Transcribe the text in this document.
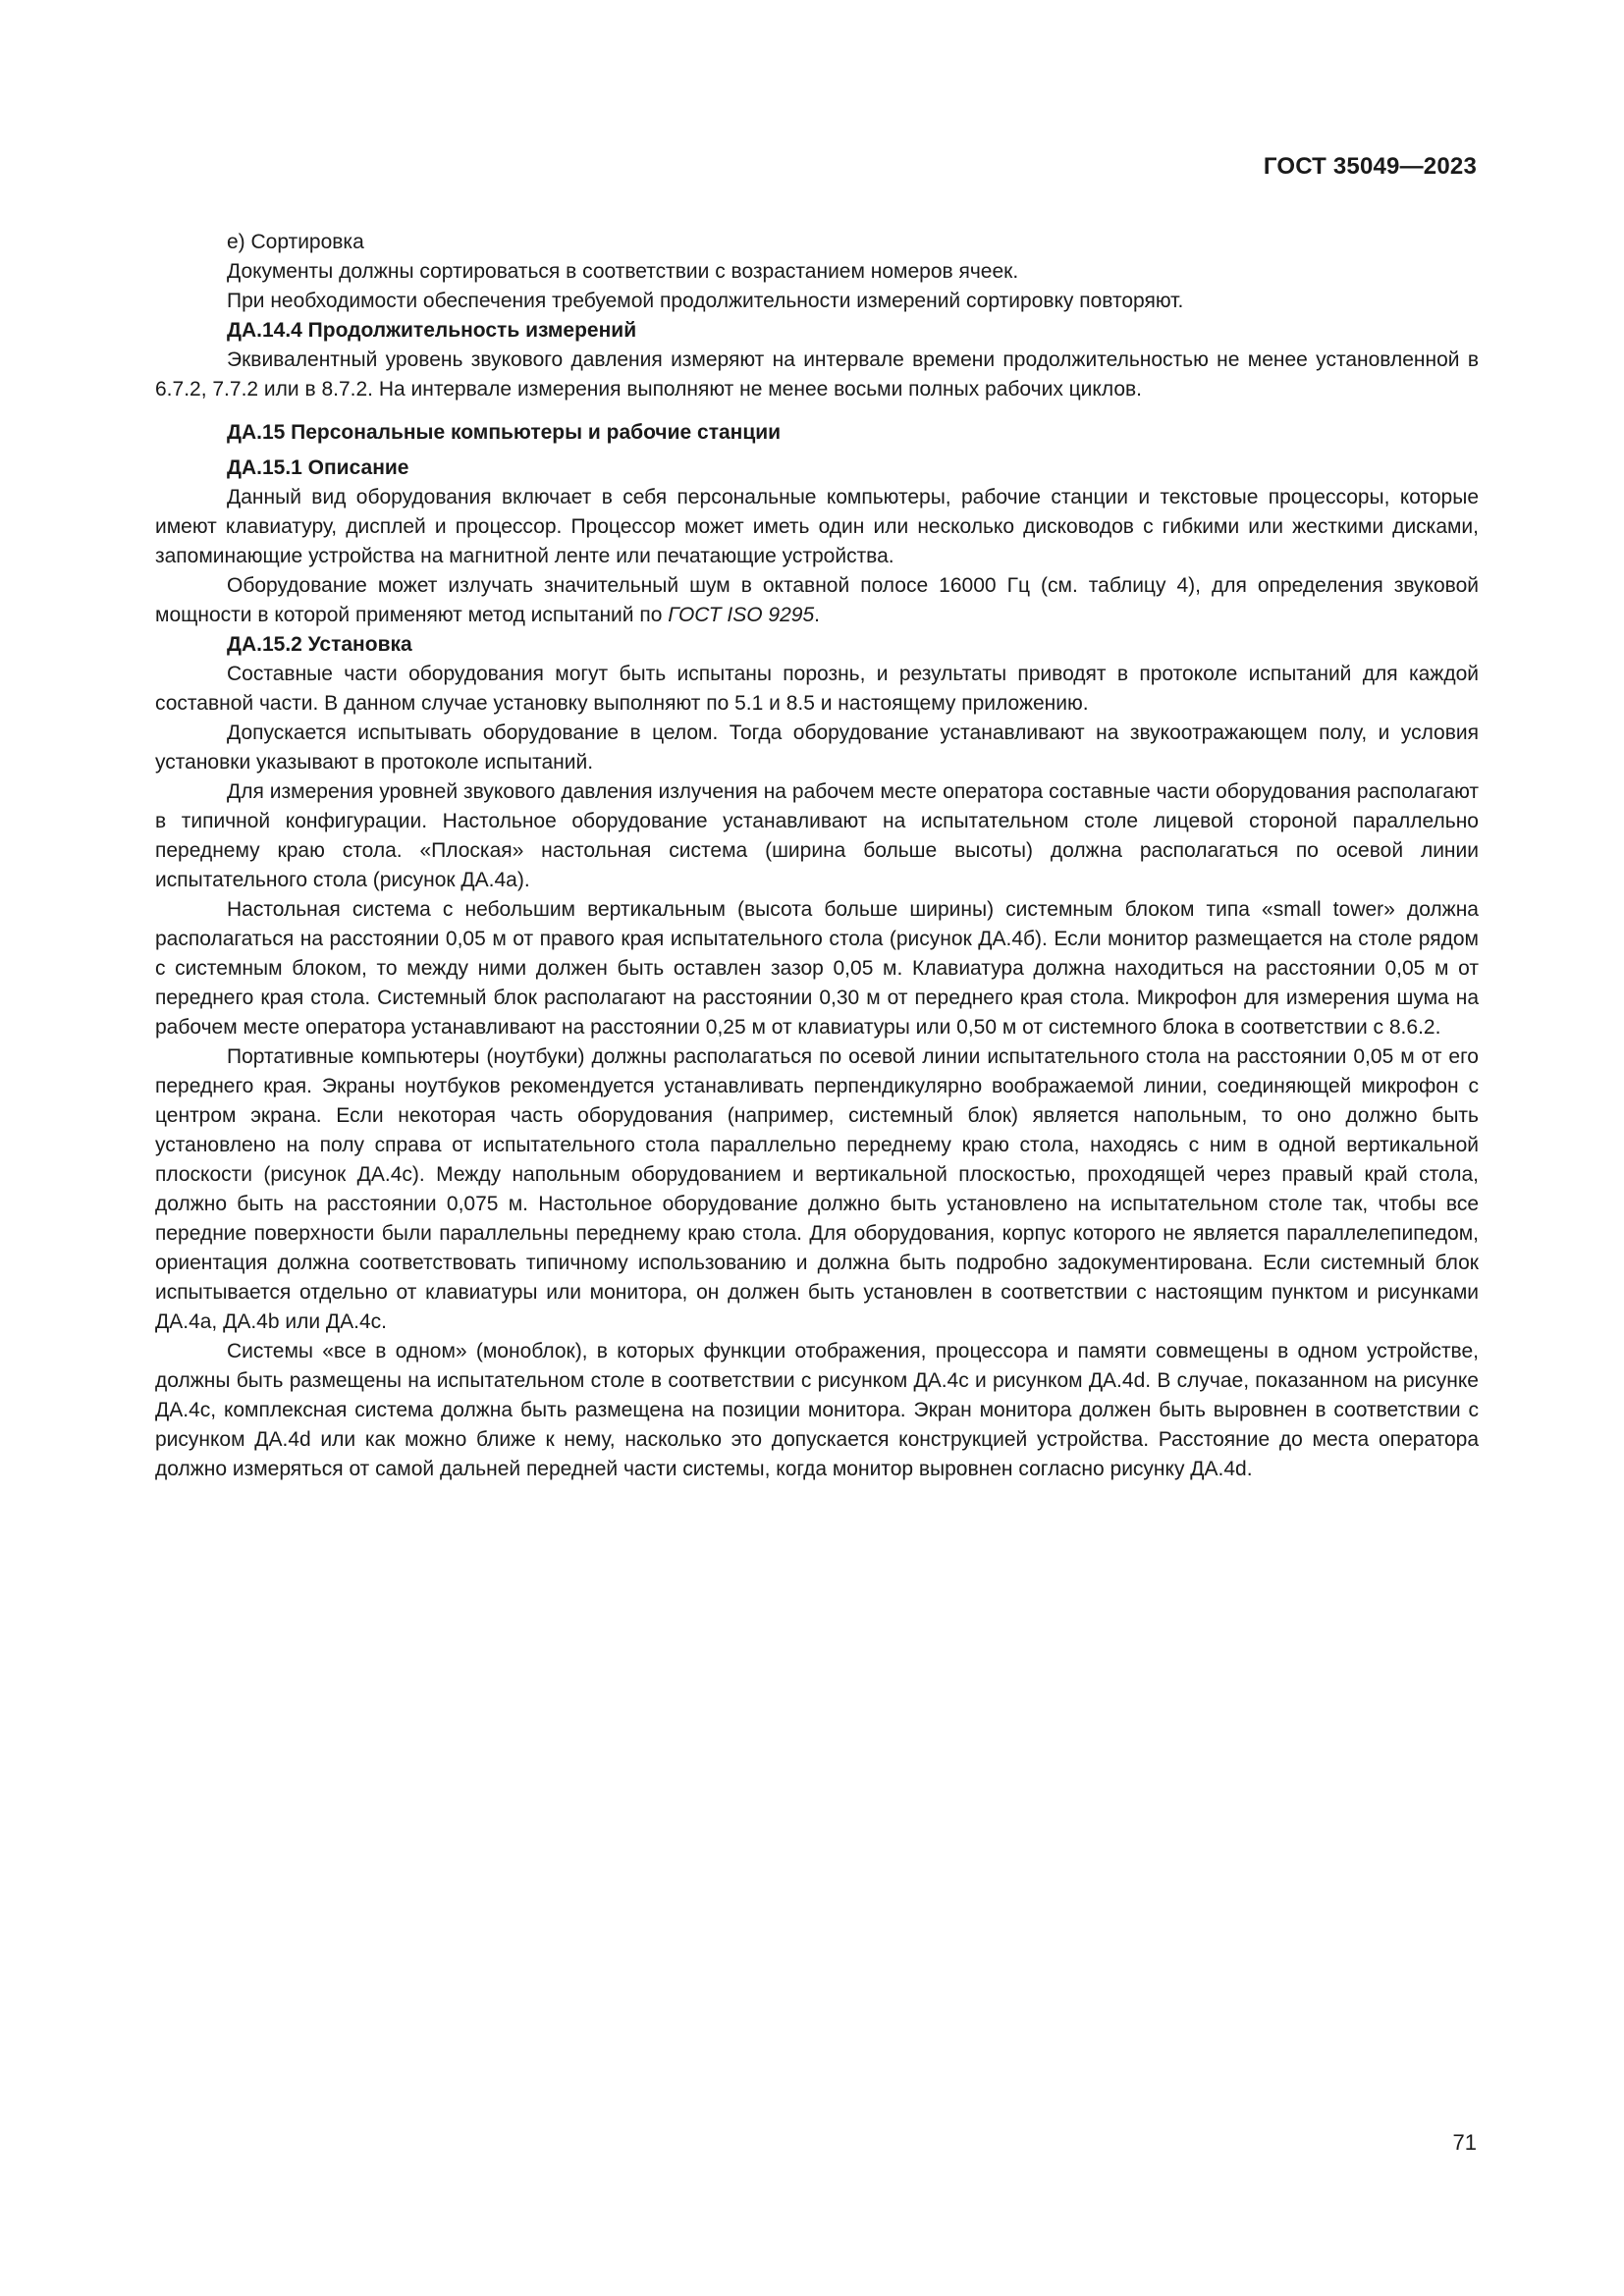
ГОСТ 35049—2023

e) Сортировка

Документы должны сортироваться в соответствии с возрастанием номеров ячеек.

При необходимости обеспечения требуемой продолжительности измерений сортировку повторяют.

ДА.14.4 Продолжительность измерений

Эквивалентный уровень звукового давления измеряют на интервале времени продолжительностью не менее установленной в 6.7.2, 7.7.2 или в 8.7.2. На интервале измерения выполняют не менее восьми полных рабочих циклов.

ДА.15 Персональные компьютеры и рабочие станции

ДА.15.1 Описание

Данный вид оборудования включает в себя персональные компьютеры, рабочие станции и текстовые процессоры, которые имеют клавиатуру, дисплей и процессор. Процессор может иметь один или несколько дисководов с гибкими или жесткими дисками, запоминающие устройства на магнитной ленте или печатающие устройства.

Оборудование может излучать значительный шум в октавной полосе 16000 Гц (см. таблицу 4), для определения звуковой мощности в которой применяют метод испытаний по ГОСТ ISO 9295.

ДА.15.2 Установка

Составные части оборудования могут быть испытаны порознь, и результаты приводят в протоколе испытаний для каждой составной части. В данном случае установку выполняют по 5.1 и 8.5 и настоящему приложению.

Допускается испытывать оборудование в целом. Тогда оборудование устанавливают на звукоотражающем полу, и условия установки указывают в протоколе испытаний.

Для измерения уровней звукового давления излучения на рабочем месте оператора составные части оборудования располагают в типичной конфигурации. Настольное оборудование устанавливают на испытательном столе лицевой стороной параллельно переднему краю стола. «Плоская» настольная система (ширина больше высоты) должна располагаться по осевой линии испытательного стола (рисунок ДА.4а).

Настольная система с небольшим вертикальным (высота больше ширины) системным блоком типа «small tower» должна располагаться на расстоянии 0,05 м от правого края испытательного стола (рисунок ДА.4б). Если монитор размещается на столе рядом с системным блоком, то между ними должен быть оставлен зазор 0,05 м. Клавиатура должна находиться на расстоянии 0,05 м от переднего края стола. Системный блок располагают на расстоянии 0,30 м от переднего края стола. Микрофон для измерения шума на рабочем месте оператора устанавливают на расстоянии 0,25 м от клавиатуры или 0,50 м от системного блока в соответствии с 8.6.2.

Портативные компьютеры (ноутбуки) должны располагаться по осевой линии испытательного стола на расстоянии 0,05 м от его переднего края. Экраны ноутбуков рекомендуется устанавливать перпендикулярно воображаемой линии, соединяющей микрофон с центром экрана. Если некоторая часть оборудования (например, системный блок) является напольным, то оно должно быть установлено на полу справа от испытательного стола параллельно переднему краю стола, находясь с ним в одной вертикальной плоскости (рисунок ДА.4с). Между напольным оборудованием и вертикальной плоскостью, проходящей через правый край стола, должно быть на расстоянии 0,075 м. Настольное оборудование должно быть установлено на испытательном столе так, чтобы все передние поверхности были параллельны переднему краю стола. Для оборудования, корпус которого не является параллелепипедом, ориентация должна соответствовать типичному использованию и должна быть подробно задокументирована. Если системный блок испытывается отдельно от клавиатуры или монитора, он должен быть установлен в соответствии с настоящим пунктом и рисунками ДА.4а, ДА.4b или ДА.4c.

Системы «все в одном» (моноблок), в которых функции отображения, процессора и памяти совмещены в одном устройстве, должны быть размещены на испытательном столе в соответствии с рисунком ДА.4с и рисунком ДА.4d. В случае, показанном на рисунке ДА.4с, комплексная система должна быть размещена на позиции монитора. Экран монитора должен быть выровнен в соответствии с рисунком ДА.4d или как можно ближе к нему, насколько это допускается конструкцией устройства. Расстояние до места оператора должно измеряться от самой дальней передней части системы, когда монитор выровнен согласно рисунку ДА.4d.

71
